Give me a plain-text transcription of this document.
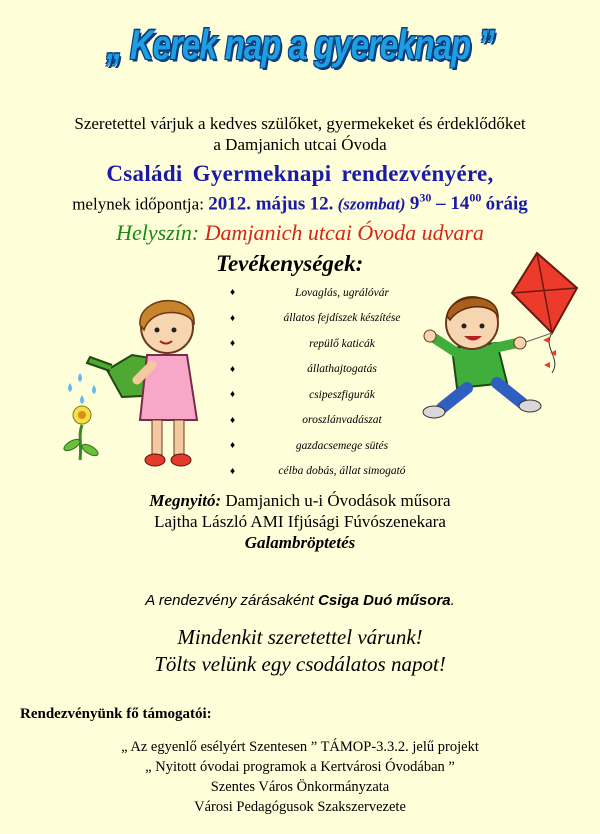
„ Kerek nap a gyereknap ”
Szeretettel várjuk a kedves szülőket, gyermekeket és érdeklődőket
a Damjanich utcai Óvoda
Családi Gyermeknapi rendezvényére,
melynek időpontja: 2012. május 12. (szombat) $9^{30} - 14^{00}$ óráig
Helyszín: Damjanich utcai Óvoda udvara
Tevékenységek:
♦	Lovaglás, ugrálóvár
♦	állatos fejdíszek készítése
♦	repülő katicák
♦	állathajtogatás
♦	csipeszfigurák
♦	oroszlánvadászat
♦	gazdacsemege sütés
♦	célba dobás, állat simogató
Megnyitó: Damjanich u-i Óvodások műsora
Lajtha László AMI Ifjúsági Fúvószenekara
Galambröptetés
A rendezvény zárásaként Csiga Duó műsora.
Mindenkit szeretettel várunk!
Tölts velünk egy csodálatos napot!
Rendezvényünk fő támogatói:
„ Az egyenlő esélyért Szentesen ” TÁMOP-3.3.2. jelű projekt
„ Nyitott óvodai programok a Kertvárosi Óvodában ”
Szentes Város Önkormányzata
Városi Pedagógusok Szakszervezete
